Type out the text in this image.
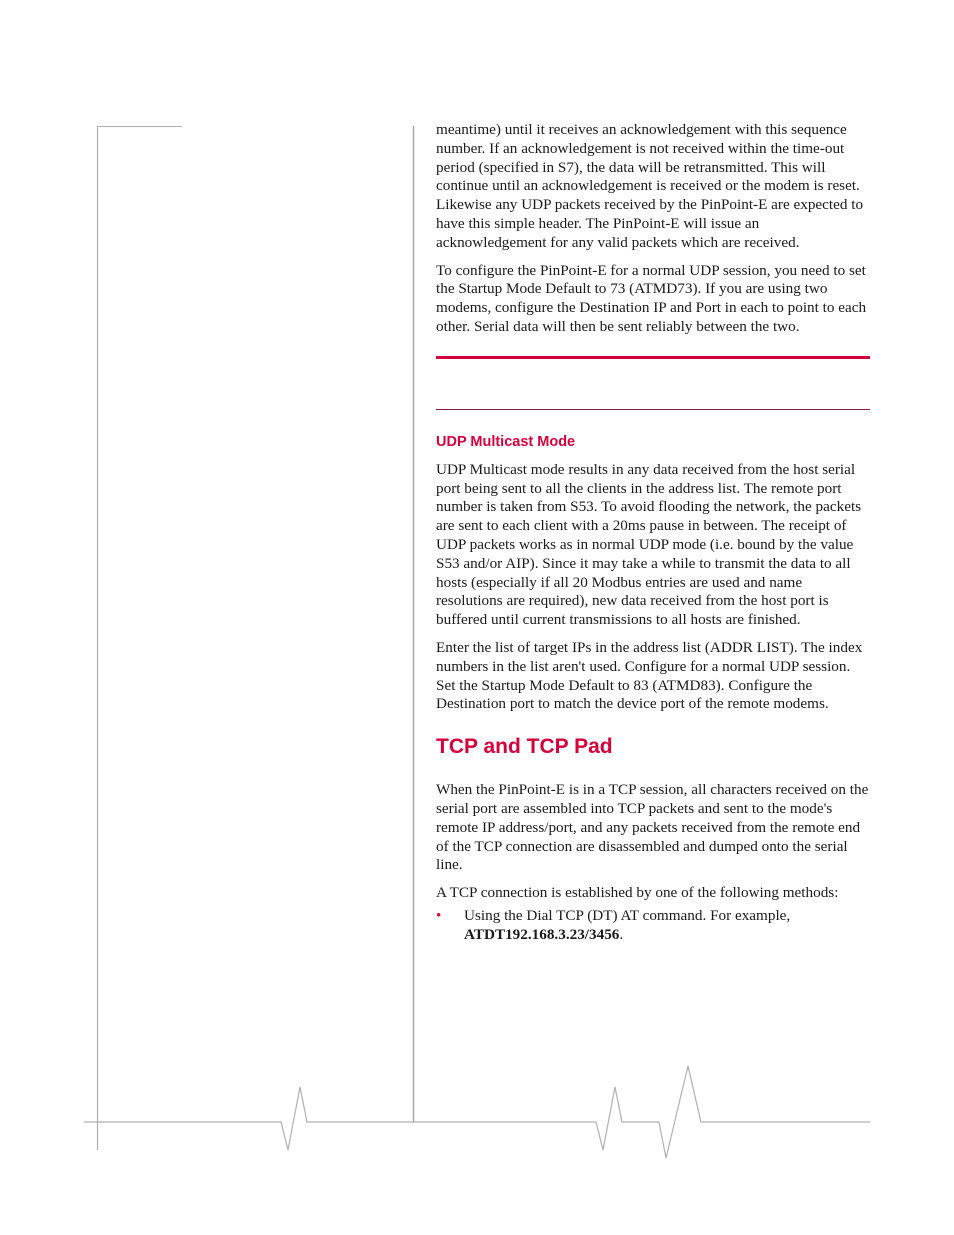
meantime) until it receives an acknowledgement with this sequence number. If an acknowledgement is not received within the time-out period (specified in S7), the data will be retransmitted. This will continue until an acknowledgement is received or the modem is reset. Likewise any UDP packets received by the PinPoint-E are expected to have this simple header. The PinPoint-E will issue an acknowledgement for any valid packets which are received.

To configure the PinPoint-E for a normal UDP session, you need to set the Startup Mode Default to 73 (ATMD73). If you are using two modems, configure the Destination IP and Port in each to point to each other. Serial data will then be sent reliably between the two.

UDP Multicast Mode

UDP Multicast mode results in any data received from the host serial port being sent to all the clients in the address list. The remote port number is taken from S53. To avoid flooding the network, the packets are sent to each client with a 20ms pause in between. The receipt of UDP packets works as in normal UDP mode (i.e. bound by the value S53 and/or AIP). Since it may take a while to transmit the data to all hosts (especially if all 20 Modbus entries are used and name resolutions are required), new data received from the host port is buffered until current transmissions to all hosts are finished.

Enter the list of target IPs in the address list (ADDR LIST). The index numbers in the list aren't used. Configure for a normal UDP session. Set the Startup Mode Default to 83 (ATMD83). Configure the Destination port to match the device port of the remote modems.

TCP and TCP Pad

When the PinPoint-E is in a TCP session, all characters received on the serial port are assembled into TCP packets and sent to the mode's remote IP address/port, and any packets received from the remote end of the TCP connection are disassembled and dumped onto the serial line.

A TCP connection is established by one of the following methods:

• Using the Dial TCP (DT) AT command. For example,
ATDT192.168.3.23/3456.
